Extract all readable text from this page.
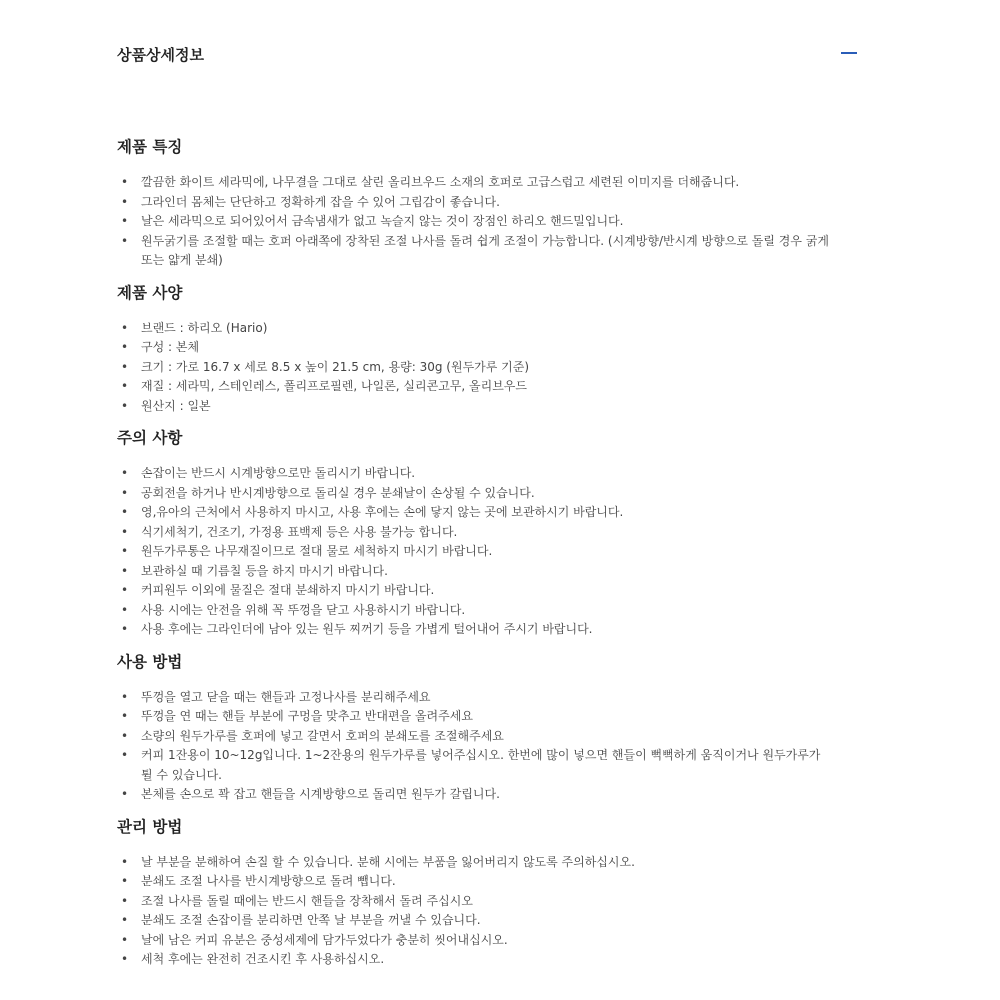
상품상세정보
제품 특징
• 깔끔한 화이트 세라믹에, 나무결을 그대로 살린 올리브우드 소재의 호퍼로 고급스럽고 세련된 이미지를 더해줍니다.
• 그라인더 몸체는 단단하고 정확하게 잡을 수 있어 그립감이 좋습니다.
• 날은 세라믹으로 되어있어서 금속냄새가 없고 녹슬지 않는 것이 장점인 하리오 핸드밀입니다.
• 원두굵기를 조절할 때는 호퍼 아래쪽에 장착된 조절 나사를 돌려 쉽게 조절이 가능합니다. (시계방향/반시계 방향으로 돌릴 경우 굵게 또는 얇게 분쇄)
제품 사양
• 브랜드 : 하리오 (Hario)
• 구성 : 본체
• 크기 : 가로 16.7 x 세로 8.5 x 높이 21.5 cm, 용량: 30g (원두가루 기준)
• 재질 : 세라믹, 스테인레스, 폴리프로필렌, 나일론, 실리콘고무, 올리브우드
• 원산지 : 일본
주의 사항
• 손잡이는 반드시 시계방향으로만 돌리시기 바랍니다.
• 공회전을 하거나 반시계방향으로 돌리실 경우 분쇄날이 손상될 수 있습니다.
• 영,유아의 근처에서 사용하지 마시고, 사용 후에는 손에 닿지 않는 곳에 보관하시기 바랍니다.
• 식기세척기, 건조기, 가정용 표백제 등은 사용 불가능 합니다.
• 원두가루통은 나무재질이므로 절대 물로 세척하지 마시기 바랍니다.
• 보관하실 때 기름칠 등을 하지 마시기 바랍니다.
• 커피원두 이외에 물질은 절대 분쇄하지 마시기 바랍니다.
• 사용 시에는 안전을 위해 꼭 뚜껑을 닫고 사용하시기 바랍니다.
• 사용 후에는 그라인더에 남아 있는 원두 찌꺼기 등을 가볍게 털어내어 주시기 바랍니다.
사용 방법
• 뚜껑을 열고 닫을 때는 핸들과 고정나사를 분리해주세요
• 뚜껑을 연 때는 핸들 부분에 구멍을 맞추고 반대편을 올려주세요
• 소량의 원두가루를 호퍼에 넣고 갈면서 호퍼의 분쇄도를 조절해주세요
• 커피 1잔용이 10~12g입니다. 1~2잔용의 원두가루를 넣어주십시오. 한번에 많이 넣으면 핸들이 뻑뻑하게 움직이거나 원두가루가 튈 수 있습니다.
• 본체를 손으로 꽉 잡고 핸들을 시계방향으로 돌리면 원두가 갈립니다.
관리 방법
• 날 부분을 분해하여 손질 할 수 있습니다. 분해 시에는 부품을 잃어버리지 않도록 주의하십시오.
• 분쇄도 조절 나사를 반시계방향으로 돌려 뺍니다.
• 조절 나사를 돌릴 때에는 반드시 핸들을 장착해서 돌려 주십시오
• 분쇄도 조절 손잡이를 분리하면 안쪽 날 부분을 꺼낼 수 있습니다.
• 날에 남은 커피 유분은 중성세제에 담가두었다가 충분히 씻어내십시오.
• 세척 후에는 완전히 건조시킨 후 사용하십시오.
